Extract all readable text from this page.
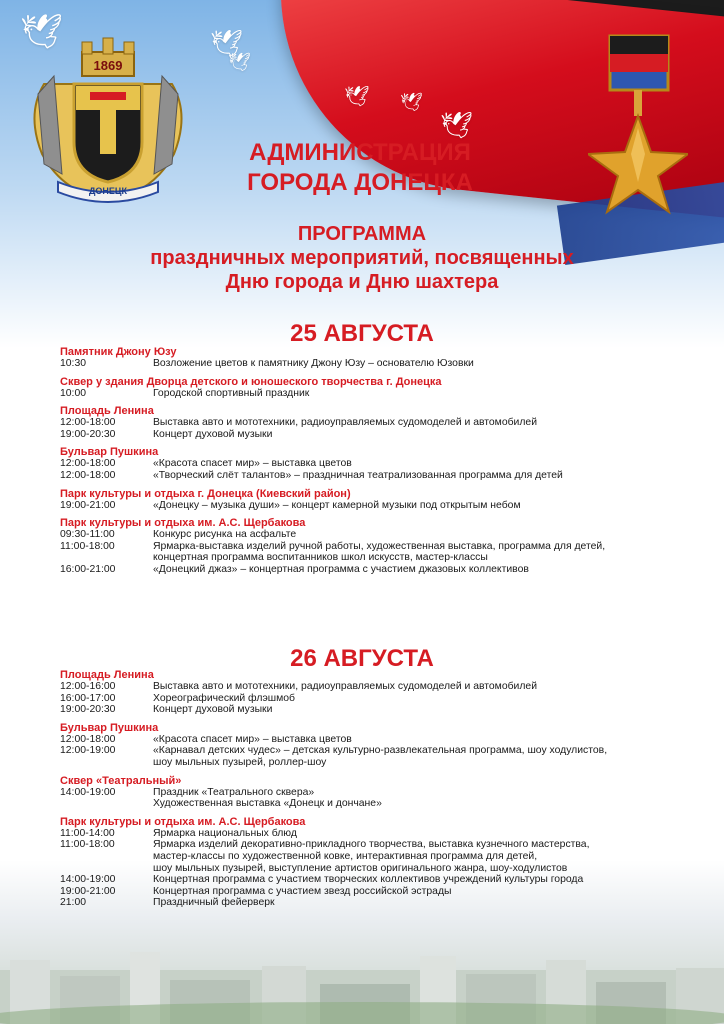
🕊
🕊
🕊 🕊
🕊
🕊
1869
ДОНЕЦК
АДМИНИСТРАЦИЯ
ГОРОДА ДОНЕЦКА
ПРОГРАММА
праздничных мероприятий, посвященных
Дню города и Дню шахтера
25 АВГУСТА
Памятник Джону Юзу
10:30	Возложение цветов к памятнику Джону Юзу – основателю Юзовки
Сквер у здания Дворца детского и юношеского творчества г. Донецка
10:00	Городской спортивный праздник
Площадь Ленина
12:00-18:00	Выставка авто и мототехники, радиоуправляемых судомоделей и автомобилей
19:00-20:30	Концерт духовой музыки
Бульвар Пушкина
12:00-18:00	«Красота спасет мир» – выставка цветов
12:00-18:00	«Творческий слёт талантов» – праздничная театрализованная программа для детей
Парк культуры и отдыха г. Донецка (Киевский район)
19:00-21:00	«Донецку – музыка души» – концерт камерной музыки под открытым небом
Парк культуры и отдыха им. А.С. Щербакова
09:30-11:00	Конкурс рисунка на асфальте
11:00-18:00	Ярмарка-выставка изделий ручной работы, художественная выставка, программа для детей,
концертная программа воспитанников школ искусств, мастер-классы
16:00-21:00	«Донецкий джаз» – концертная программа с участием джазовых коллективов
26 АВГУСТА
Площадь Ленина
12:00-16:00	Выставка авто и мототехники, радиоуправляемых судомоделей и автомобилей
16:00-17:00	Хореографический флэшмоб
19:00-20:30	Концерт духовой музыки
Бульвар Пушкина
12:00-18:00	«Красота спасет мир» – выставка цветов
12:00-19:00	«Карнавал детских чудес» – детская культурно-развлекательная программа, шоу ходулистов,
шоу мыльных пузырей, роллер-шоу
Сквер «Театральный»
14:00-19:00	Праздник «Театрального сквера»
Художественная выставка «Донецк и дончане»
Парк культуры и отдыха им. А.С. Щербакова
11:00-14:00	Ярмарка национальных блюд
11:00-18:00	Ярмарка изделий декоративно-прикладного творчества, выставка кузнечного мастерства,
мастер-классы по художественной ковке, интерактивная программа для детей,
шоу мыльных пузырей, выступление артистов оригинального жанра, шоу-ходулистов
14:00-19:00	Концертная программа с участием творческих коллективов учреждений культуры города
19:00-21:00	Концертная программа с участием звезд российской эстрады
21:00	Праздничный фейерверк
